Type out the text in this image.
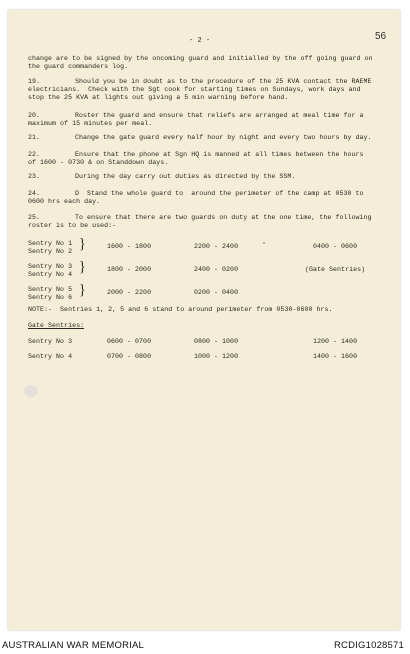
56
- 2 -
change are to be signed by the oncoming guard and initialled by the off going guard on
the guard commanders log.
19.	Should you be in doubt as to the procedure of the 25 KVA contact the RAEME
electricians.  Check with the Sgt cook for starting times on Sundays, work days and
stop the 25 KVA at lights out giving a 5 min warning before hand.
20.	Roster the guard and ensure that reliefs are arranged at meal time for a
maximum of 15 minutes per meal.
21.	Change the gate guard every half hour by night and every two hours by day.
22.	Ensure that the phone at Sgn HQ is manned at all times between the hours
of 1600 - 0730 & on Standdown days.
23.	During the day carry out duties as directed by the SSM.
24.	D  Stand the whole guard to  around the perimeter of the camp at 0530 to
0600 hrs each day.
25.	To ensure that there are two guards on duty at the one time, the following
roster is to be used:-
Sentry No 1
Sentry No 2 }	1600 - 1800	2200 - 2400	0400 - 0600
Sentry No 3
Sentry No 4 }	1800 - 2000	2400 - 0200	(Gate Sentries)
Sentry No 5
Sentry No 6 }	2000 - 2200	0200 - 0400
NOTE:-  Sentries 1, 2, 5 and 6 stand to around perimeter from 0530-0600 hrs.
Gate Sentries:
Sentry No 3	0600 - 0700	0800 - 1000	1200 - 1400
Sentry No 4	0700 - 0800	1000 - 1200	1400 - 1600
AUSTRALIAN WAR MEMORIAL	RCDIG1028571
